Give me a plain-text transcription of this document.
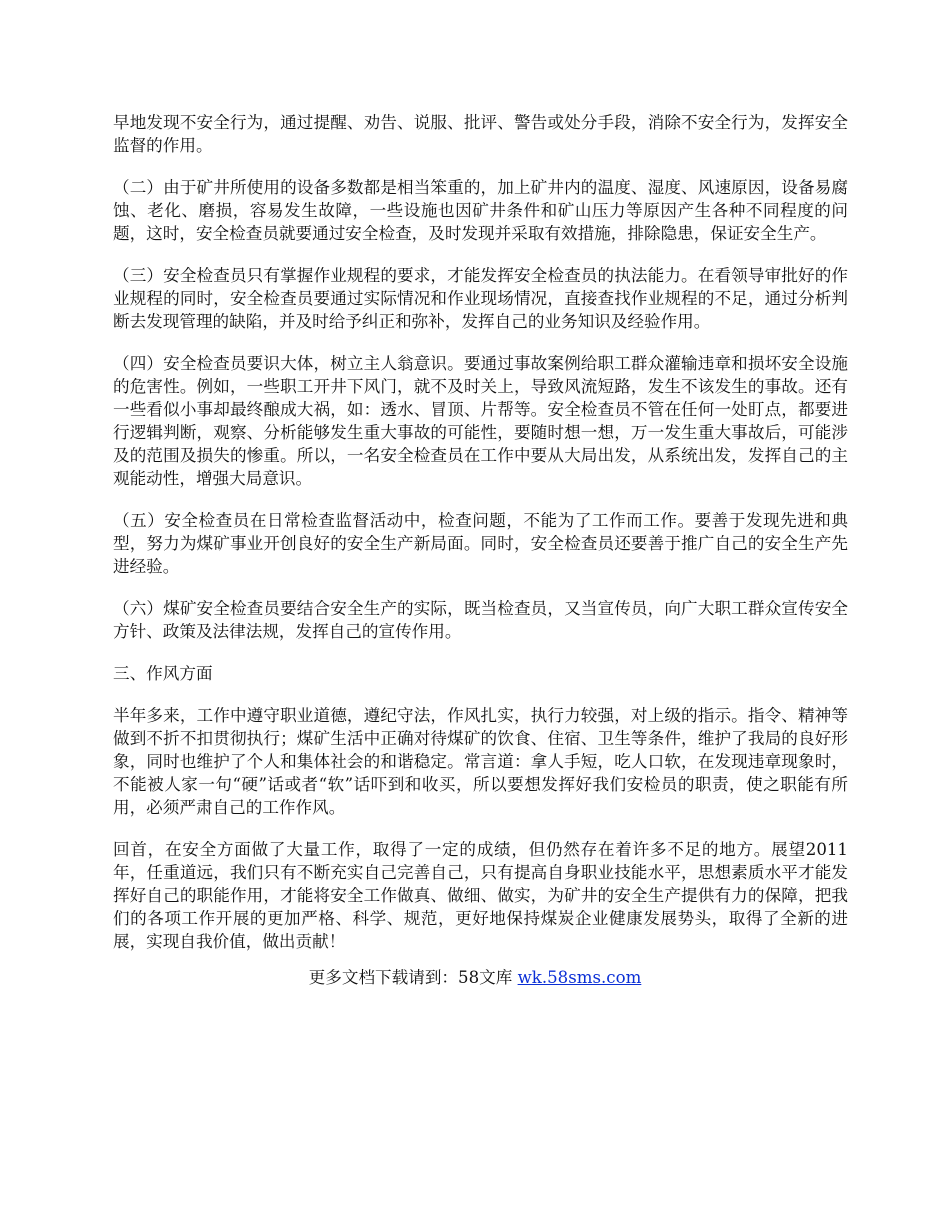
早地发现不安全行为，通过提醒、劝告、说服、批评、警告或处分手段，消除不安全行为，发挥安全监督的作用。

（二）由于矿井所使用的设备多数都是相当笨重的，加上矿井内的温度、湿度、风速原因，设备易腐蚀、老化、磨损，容易发生故障，一些设施也因矿井条件和矿山压力等原因产生各种不同程度的问题，这时，安全检查员就要通过安全检查，及时发现并采取有效措施，排除隐患，保证安全生产。

（三）安全检查员只有掌握作业规程的要求，才能发挥安全检查员的执法能力。在看领导审批好的作业规程的同时，安全检查员要通过实际情况和作业现场情况，直接查找作业规程的不足，通过分析判断去发现管理的缺陷，并及时给予纠正和弥补，发挥自己的业务知识及经验作用。

（四）安全检查员要识大体，树立主人翁意识。要通过事故案例给职工群众灌输违章和损坏安全设施的危害性。例如，一些职工开井下风门，就不及时关上，导致风流短路，发生不该发生的事故。还有一些看似小事却最终酿成大祸，如：透水、冒顶、片帮等。安全检查员不管在任何一处盯点，都要进行逻辑判断，观察、分析能够发生重大事故的可能性，要随时想一想，万一发生重大事故后，可能涉及的范围及损失的惨重。所以，一名安全检查员在工作中要从大局出发，从系统出发，发挥自己的主观能动性，增强大局意识。

（五）安全检查员在日常检查监督活动中，检查问题，不能为了工作而工作。要善于发现先进和典型，努力为煤矿事业开创良好的安全生产新局面。同时，安全检查员还要善于推广自己的安全生产先进经验。

（六）煤矿安全检查员要结合安全生产的实际，既当检查员，又当宣传员，向广大职工群众宣传安全方针、政策及法律法规，发挥自己的宣传作用。

三、作风方面

半年多来，工作中遵守职业道德，遵纪守法，作风扎实，执行力较强，对上级的指示。指令、精神等做到不折不扣贯彻执行；煤矿生活中正确对待煤矿的饮食、住宿、卫生等条件，维护了我局的良好形象，同时也维护了个人和集体社会的和谐稳定。常言道：拿人手短，吃人口软，在发现违章现象时，不能被人家一句“硬”话或者“软”话吓到和收买，所以要想发挥好我们安检员的职责，使之职能有所用，必须严肃自己的工作作风。

回首，在安全方面做了大量工作，取得了一定的成绩，但仍然存在着许多不足的地方。展望2011年，任重道远，我们只有不断充实自己完善自己，只有提高自身职业技能水平，思想素质水平才能发挥好自己的职能作用，才能将安全工作做真、做细、做实，为矿井的安全生产提供有力的保障，把我们的各项工作开展的更加严格、科学、规范，更好地保持煤炭企业健康发展势头，取得了全新的进展，实现自我价值，做出贡献！

更多文档下载请到：58文库 wk.58sms.com
